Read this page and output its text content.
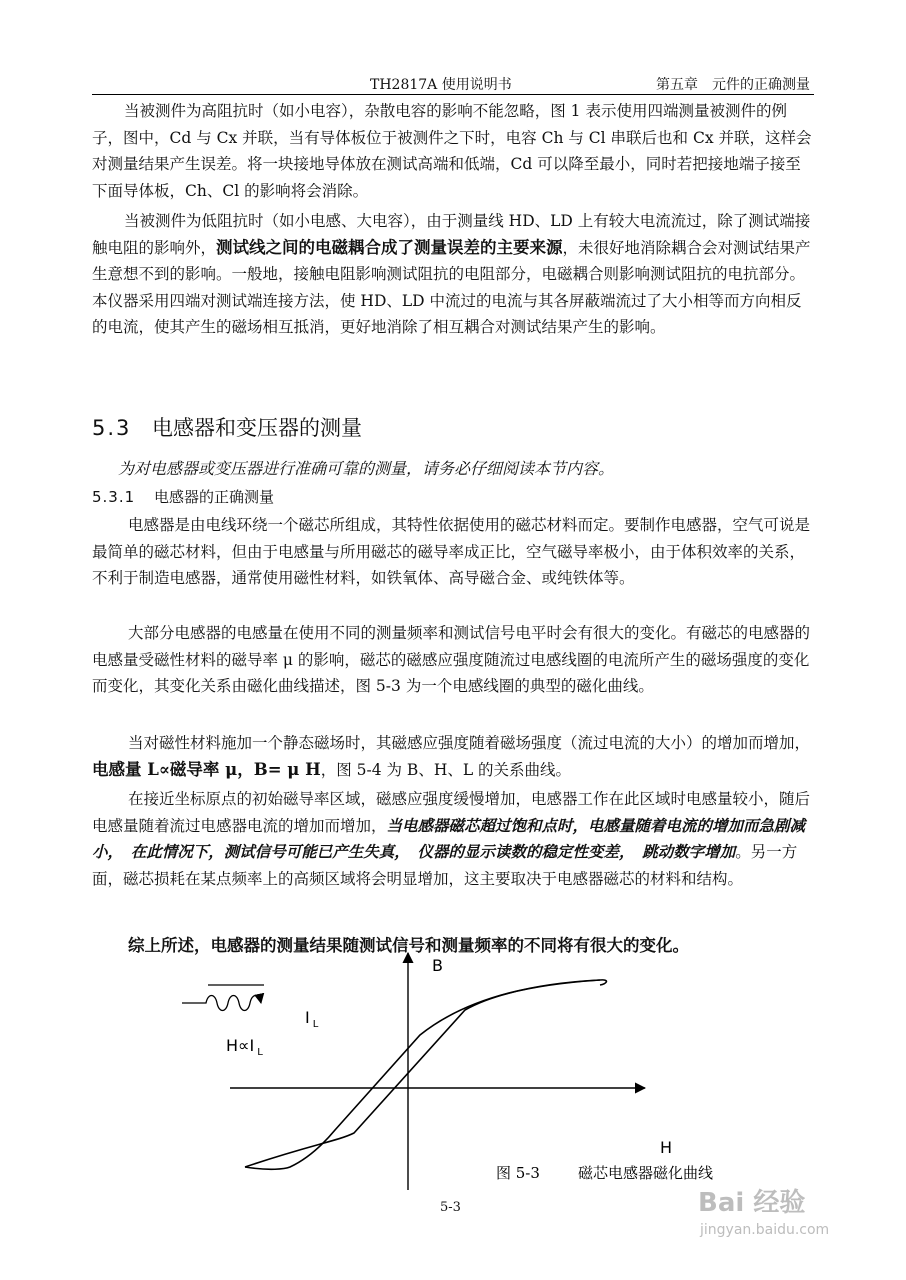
TH2817A 使用说明书	第五章　元件的正确测量

当被测件为高阻抗时（如小电容），杂散电容的影响不能忽略，图 1 表示使用四端测量被测件的例子，图中，Cd 与 Cx 并联，当有导体板位于被测件之下时，电容 Ch 与 Cl 串联后也和 Cx 并联，这样会对测量结果产生误差。将一块接地导体放在测试高端和低端，Cd 可以降至最小，同时若把接地端子接至下面导体板，Ch、Cl 的影响将会消除。

当被测件为低阻抗时（如小电感、大电容），由于测量线 HD、LD 上有较大电流流过，除了测试端接触电阻的影响外，测试线之间的电磁耦合成了测量误差的主要来源，未很好地消除耦合会对测试结果产生意想不到的影响。一般地，接触电阻影响测试阻抗的电阻部分，电磁耦合则影响测试阻抗的电抗部分。本仪器采用四端对测试端连接方法，使 HD、LD 中流过的电流与其各屏蔽端流过了大小相等而方向相反的电流，使其产生的磁场相互抵消，更好地消除了相互耦合对测试结果产生的影响。

5.3 电感器和变压器的测量
为对电感器或变压器进行准确可靠的测量，请务必仔细阅读本节内容。
5.3.1 电感器的正确测量

电感器是由电线环绕一个磁芯所组成，其特性依据使用的磁芯材料而定。要制作电感器，空气可说是最简单的磁芯材料，但由于电感量与所用磁芯的磁导率成正比，空气磁导率极小，由于体积效率的关系，不利于制造电感器，通常使用磁性材料，如铁氧体、高导磁合金、或纯铁体等。

大部分电感器的电感量在使用不同的测量频率和测试信号电平时会有很大的变化。有磁芯的电感器的电感量受磁性材料的磁导率 μ 的影响，磁芯的磁感应强度随流过电感线圈的电流所产生的磁场强度的变化而变化，其变化关系由磁化曲线描述，图 5-3 为一个电感线圈的典型的磁化曲线。

当对磁性材料施加一个静态磁场时，其磁感应强度随着磁场强度（流过电流的大小）的增加而增加，电感量 L∝磁导率 μ，B= μ H，图 5-4 为 B、H、L 的关系曲线。

在接近坐标原点的初始磁导率区域，磁感应强度缓慢增加，电感器工作在此区域时电感量较小，随后电感量随着流过电感器电流的增加而增加，当电感器磁芯超过饱和点时，电感量随着电流的增加而急剧减小，　在此情况下，测试信号可能已产生失真，　仪器的显示读数的稳定性变差，　跳动数字增加。另一方面，磁芯损耗在某点频率上的高频区域将会明显增加，这主要取决于电感器磁芯的材料和结构。

综上所述，电感器的测量结果随测试信号和测量频率的不同将有很大的变化。
B
H
I $_L$
H∝I $_L$
图 5-3	磁芯电感器磁化曲线
5-3	Bai 经验
jingyan.baidu.com
